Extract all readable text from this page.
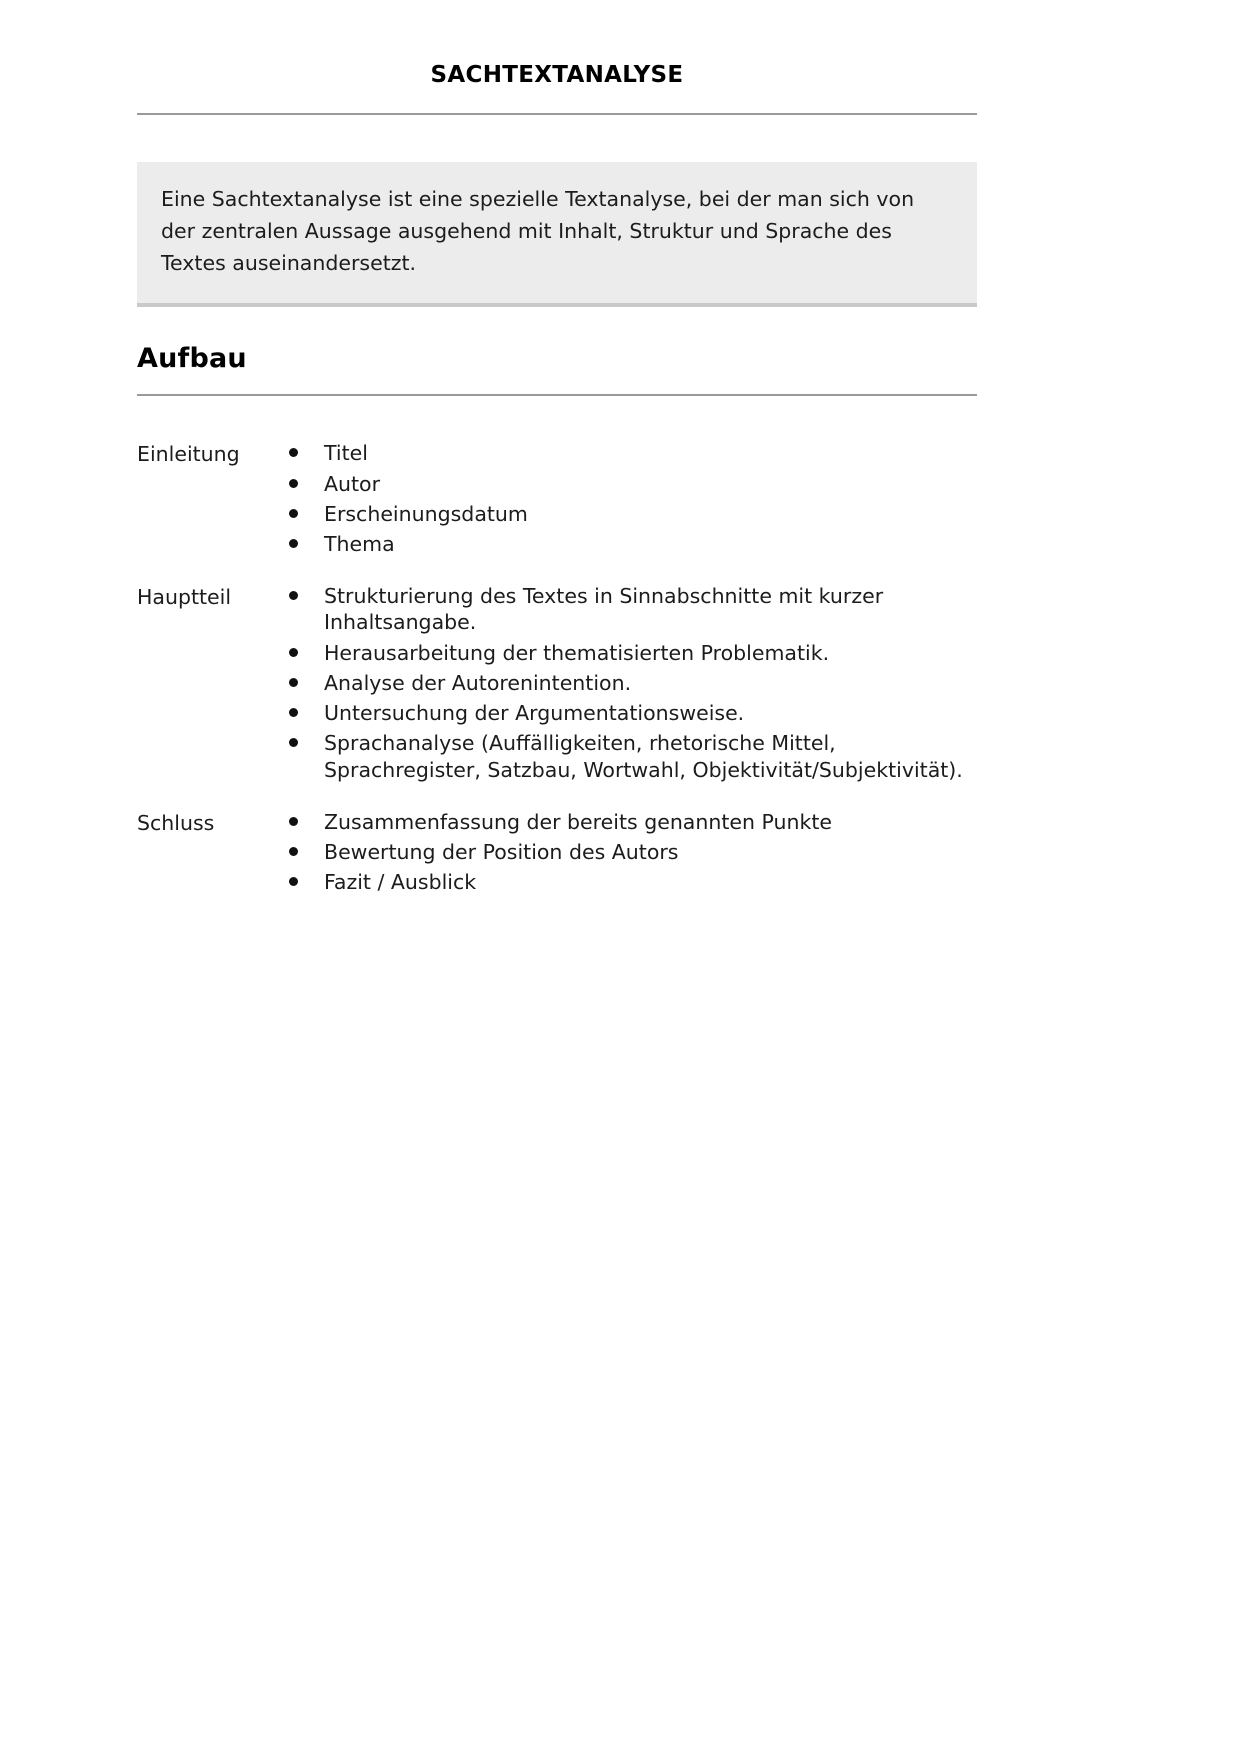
SACHTEXTANALYSE

Eine Sachtextanalyse ist eine spezielle Textanalyse, bei der man sich von der zentralen Aussage ausgehend mit Inhalt, Struktur und Sprache des Textes auseinandersetzt.

Aufbau
Einleitung	Titel
Autor
Erscheinungsdatum
Thema
Hauptteil	Strukturierung des Textes in Sinnabschnitte mit kurzer Inhaltsangabe.
Herausarbeitung der thematisierten Problematik.
Analyse der Autorenintention.
Untersuchung der Argumentationsweise.
Sprachanalyse (Auffälligkeiten, rhetorische Mittel, Sprachregister, Satzbau, Wortwahl, Objektivität/Subjektivität).
Schluss	Zusammenfassung der bereits genannten Punkte
Bewertung der Position des Autors
Fazit / Ausblick
